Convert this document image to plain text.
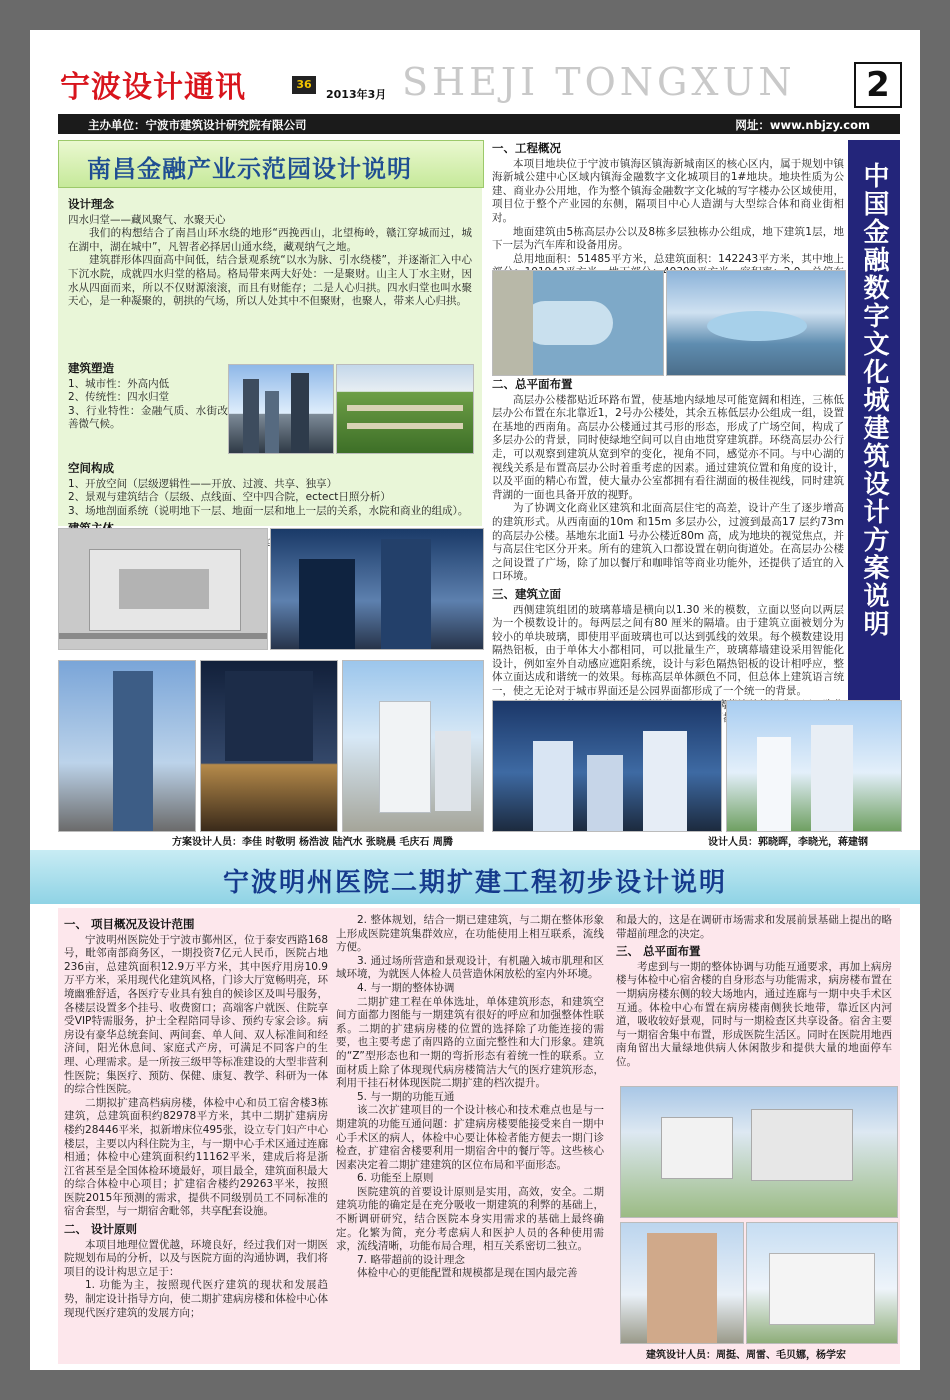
宁波设计通讯	36
2013年3月 SHEJI TONGXUN	2
主办单位：宁波市建筑设计研究院有限公司	网址：www.nbjzy.com
南昌金融产业示范园设计说明
设计理念

四水归堂——藏风聚气、水聚天心

我们的构想结合了南昌山环水绕的地形“西挽西山，北望梅岭，赣江穿城而过，城在湖中，湖在城中”，凡智者必择居山通水绕，藏观纳气之地。

建筑群形体四面高中间低，结合景观系统“以水为脉、引水绕楼”，并逐渐汇入中心下沉水院，成就四水归堂的格局。格局带来两大好处：一是聚财。山主人丁水主财，因水从四面而来，所以不仅财源滚滚，而且有财能存；二是人心归拱。四水归堂也叫水聚天心，是一种凝聚的，朝拱的气场，所以人处其中不但聚财，也聚人，带来人心归拱。

建筑塑造

1、城市性：外高内低

2、传统性：四水归堂

3、行业特性：金融气质、水街改善微气候。

空间构成

1、开放空间（层级逻辑性——开放、过渡、共享、独享）

2、景观与建筑结合（层级、点线面、空中四合院，ectect日照分析）

3、场地剖面系统（说明地下一层、地面一层和地上一层的关系，水院和商业的组成）。

方案设计人员：李佳 时敬明 杨浩波 陆汽水 张晓晨 毛庆石 周腾
一、工程概况

本项目地块位于宁波市镇海区镇海新城南区的核心区内，属于规划中镇海新城公建中心区域内镇海金融数字文化城项目的1#地块。地块性质为公建、商业办公用地，作为整个镇海金融数字文化城的写字楼办公区域使用，项目位于整个产业园的东侧，隔项目中心人造湖与大型综合体和商业街相对。

地面建筑由5栋高层办公以及8栋多层独栋办公组成，地下建筑1层，地下一层为汽车库和设备用房。

总用地面积：51485平方米，总建筑面积：142243平方米，其中地上 ：40

二、总平面布置

高层办公楼都贴近环路布置，使基地内绿地尽可能宽阔和相连，三栋低层办公布置在东北靠近1，2号办公楼处，其余五栋低层办公组成一组，设置在基地的西南角。高层办公楼通过其弓形的形态，形成了广场空间，构成了多层办公的背景，同时使绿地空间可以自由地贯穿建筑群。环绕高层办公行走，可以观察到建筑从宽到窄的变化，视角不同，感觉亦不同。与中心湖的视线关系是布置高层办公时着重考虑的因素。通过建筑位置和角度的设计，以及平面的精心布置，使大量办公室都拥有看往湖面的极佳视线，同时建筑背湖的一面也具备开放的视野。

为了协调文化商业区建筑和北面高层住宅的高差，设计产生了逐步增高的建筑形式。从西南面的10m 和15m 多层办公，过渡到最高17 层约73m 的高层办公楼。基地东北面1 号办公楼近80m 高，成为地块的视觉焦点，并与高层住宅区分开来。所有的建筑入口都设置在朝向街道处。在高层办公楼之间设置了广场，除了加以餐厅和咖啡馆等商业功能外，还提供了适宜的入口环境。

三、建筑立面

西侧建筑组团的玻璃幕墙是横向以1.30 米的模数，立面以竖向以两层为一个模数设计的。每两层之间有80 厘米的隔墙。由于建筑立面被划分为较小的单块玻璃，即使用平面玻璃也可以达到弧线的效果。每个模数建设用隔热铝板，由于单体大小都相同，可以批量生产，玻璃幕墙建设采用智能化设计，例如室外自动感应遮阳系统，设计与彩色隔热铝板的设计相呼应，整体立面达成和谐统一的效果。每栋高层单体颜色不同，但总体上建筑语言统一，使之无论对于城市界面还是公园界面都形成了一个统一的背景。

中国金融数字文化城建筑设计方案说明
设计人员：郭晓晖，李晓光，蒋建钢
宁波明州医院二期扩建工程初步设计说明
一、 项目概况及设计范围

宁波明州医院处于宁波市鄞州区，位于泰安西路168号，毗邻南部商务区，一期投资7亿元人民币，医院占地236亩，总建筑面积12.9万平方米，其中医疗用房10.9万平方米，采用现代化建筑风格，门诊大厅宽畅明亮，环境幽雅舒适，各医疗专业具有独自的候诊区及叫号服务，各楼层设置多个挂号、收费窗口；高端客户就医、住院享受VIP特需服务，护士全程陪同导诊、预约专家会诊。病房设有豪华总统套间、两间套、单人间、双人标准间和经济间，阳光休息间、家庭式产房，可满足不同客户的生理、心理需求。是一所按三级甲等标准建设的大型非营利性医院；集医疗、预防、保健、康复、教学、科研为一体的综合性医院。

二期拟扩建高档病房楼，体检中心和员工宿舍楼3栋建筑，总建筑面积约82978平方米，其中二期扩建病房楼约28446平米，拟新增床位495张，设立专门妇产中心楼层，主要以内科住院为主，与一期中心手术区通过连廊相通；体检中心建筑面积约11162平米，建成后将是浙江省甚至是全国体检环境最好，项目最全，建筑面积最大的综合体检中心项目；扩建宿舍楼约29263平米，按照医院2015年预测的需求，提供不同级别员工不同标准的宿舍套型，与一期宿舍毗邻，共享配套设施。

二、 设计原则

本项目地理位置优越，环境良好，经过我们对一期医院规划布局的分析，以及与医院方面的沟通协调，我们将项目的设计构思立足于：

1. 功能为主，按照现代医疗建筑的现状和发展趋势，制定设计指导方向，使二期扩建病房楼和体检中心体现现代医疗建筑的发展方向；

2. 整体规划，结合一期已建建筑，与二期在整体形象上形成医院建筑集群效应，在功能使用上相互联系，流线方便。

3. 通过场所营造和景观设计，有机融入城市肌理和区域环境，为就医人体检人员营造休闲放松的室内外环境。

4. 与一期的整体协调

二期扩建工程在单体选址，单体建筑形态，和建筑空间方面都力图能与一期建筑有很好的呼应和加强整体性联系。二期的扩建病房楼的位置的选择除了功能连接的需要，也主要考虑了南四路的立面完整性和大门形象。建筑的“Z”型形态也和一期的弯折形态有着统一性的联系。立面材质上除了体现现代病房楼简洁大气的医疗建筑形态，利用干挂石材体现医院二期扩建的档次提升。

5. 与一期的功能互通

该二次扩建项目的一个设计核心和技术难点也是与一期建筑的功能互通问题：扩建病房楼要能接受来自一期中心手术区的病人，体检中心要让体检者能方便去一期门诊检查，扩建宿舍楼要利用一期宿舍中的餐厅等。这些核心因素决定着二期扩建建筑的区位布局和平面形态。

6. 功能至上原则

医院建筑的首要设计原则是实用，高效，安全。二期建筑功能的确定是在充分吸收一期建筑的利弊的基础上，不断调研研究，结合医院本身实用需求的基础上最终确定。化繁为简，充分考虑病人和医护人员的各种使用需求，流线清晰，功能布局合理，相互关系密切二独立。

7. 略带超前的设计理念

体检中心的更能配置和规模都是现在国内最完善

和最大的，这是在调研市场需求和发展前景基础上提出的略带超前理念的决定。

三、 总平面布置

考虑到与一期的整体协调与功能互通要求，再加上病房楼与体检中心宿舍楼的自身形态与功能需求，病房楼布置在一期病房楼东侧的较大场地内，通过连廊与一期中央手术区互通。体检中心布置在病房楼南侧狭长地带，靠近区内河道，吸收较好景观，同时与一期检查区共享设备。宿舍主要与一期宿舍集中布置，形成医院生活区。同时在医院用地西南角留出大量绿地供病人休闲散步和提供大量的地面停车位。

建筑设计人员：周挺、周雷、毛贝娜，杨学宏
